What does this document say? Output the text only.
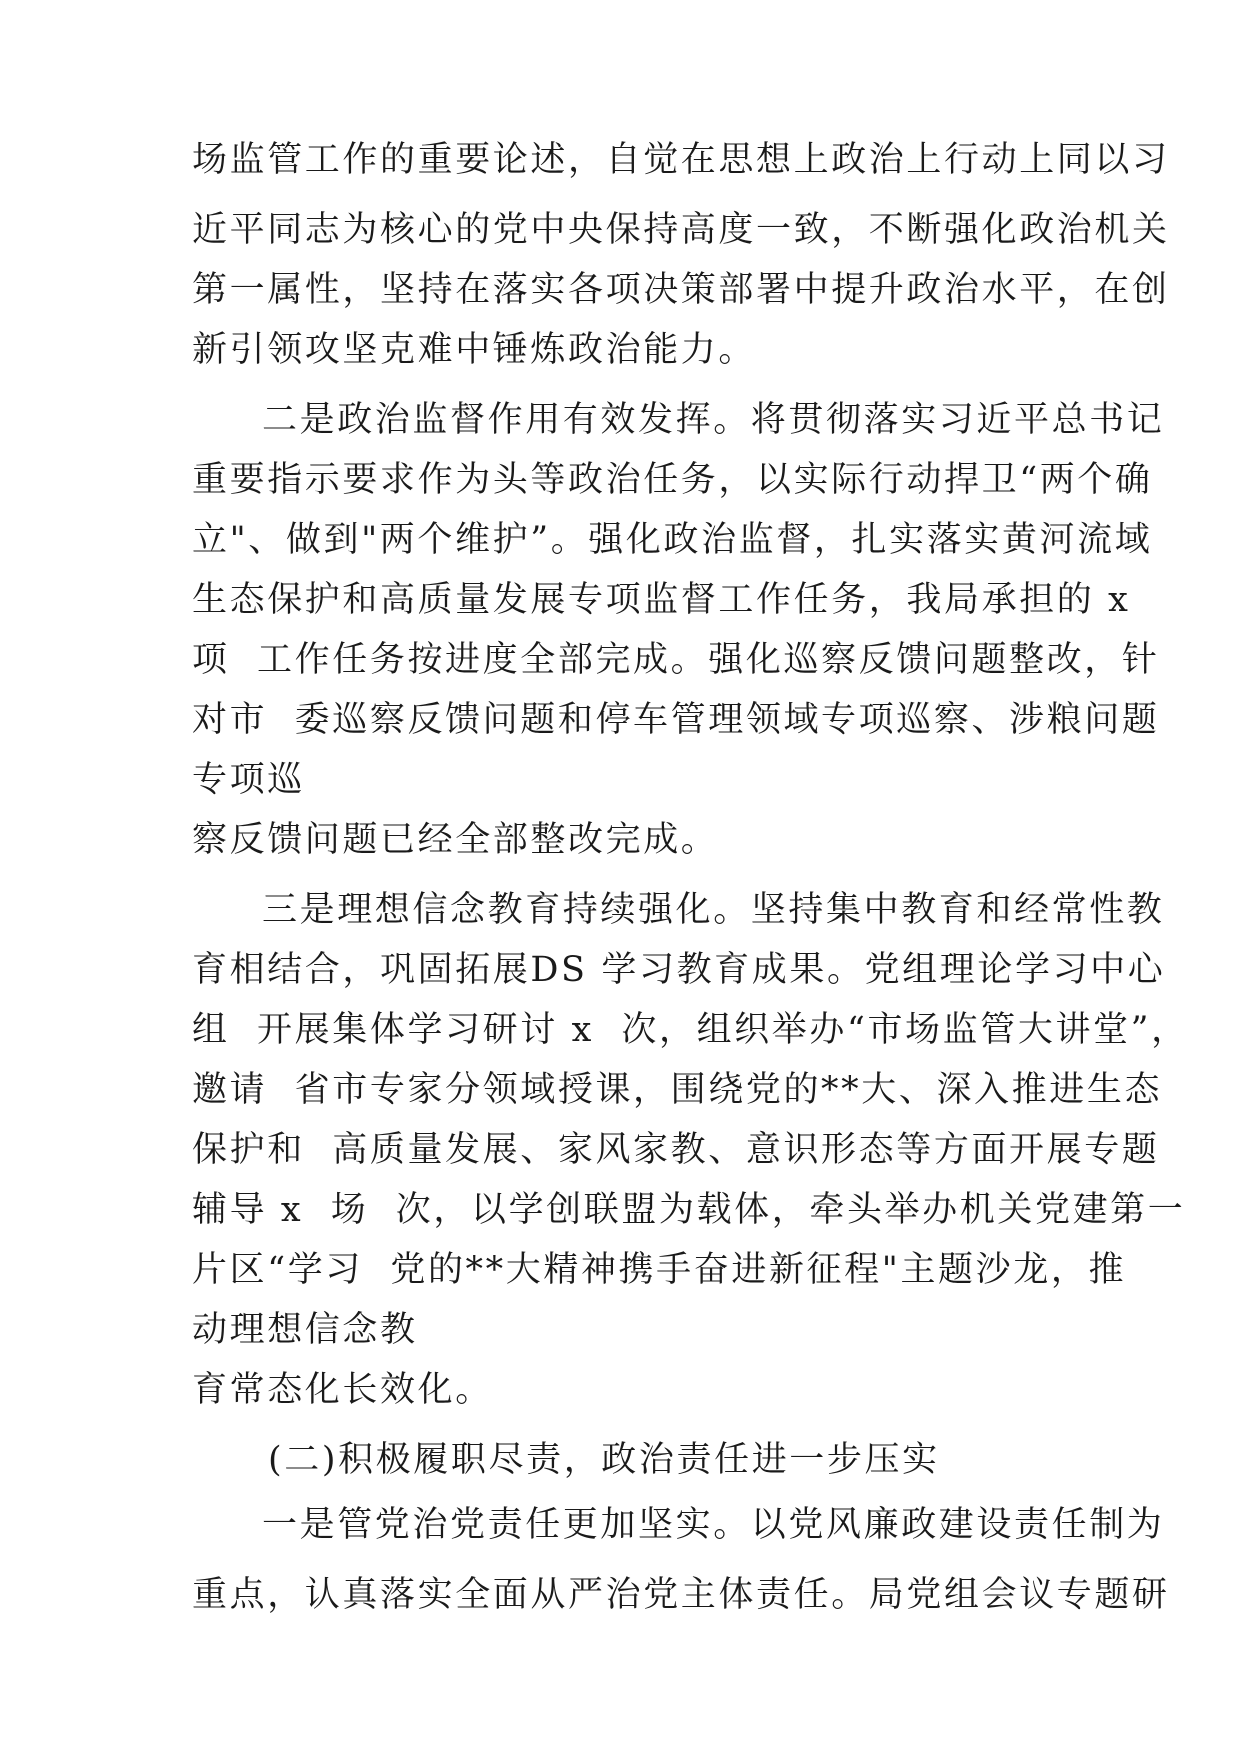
场监管工作的重要论述，自觉在思想上政治上行动上同以习
近平同志为核心的党中央保持高度一致，不断强化政治机关
第一属性，坚持在落实各项决策部署中提升政治水平，在创
新引领攻坚克难中锤炼政治能力。
二是政治监督作用有效发挥。将贯彻落实习近平总书记
重要指示要求作为头等政治任务，以实际行动捍卫“两个确
立"、做到"两个维护”。强化政治监督，扎实落实黄河流域
生态保护和高质量发展专项监督工作任务，我局承担的 x
项  工作任务按进度全部完成。强化巡察反馈问题整改，针
对市  委巡察反馈问题和停车管理领域专项巡察、涉粮问题
专项巡
察反馈问题已经全部整改完成。
三是理想信念教育持续强化。坚持集中教育和经常性教
育相结合，巩固拓展DS 学习教育成果。党组理论学习中心
组  开展集体学习研讨 x  次，组织举办“市场监管大讲堂”，
邀请  省市专家分领域授课，围绕党的**大、深入推进生态
保护和  高质量发展、家风家教、意识形态等方面开展专题
辅导 x  场  次，以学创联盟为载体，牵头举办机关党建第一
片区“学习  党的**大精神携手奋进新征程"主题沙龙，推
动理想信念教
育常态化长效化。
(二)积极履职尽责，政治责任进一步压实
一是管党治党责任更加坚实。以党风廉政建设责任制为
重点，认真落实全面从严治党主体责任。局党组会议专题研
